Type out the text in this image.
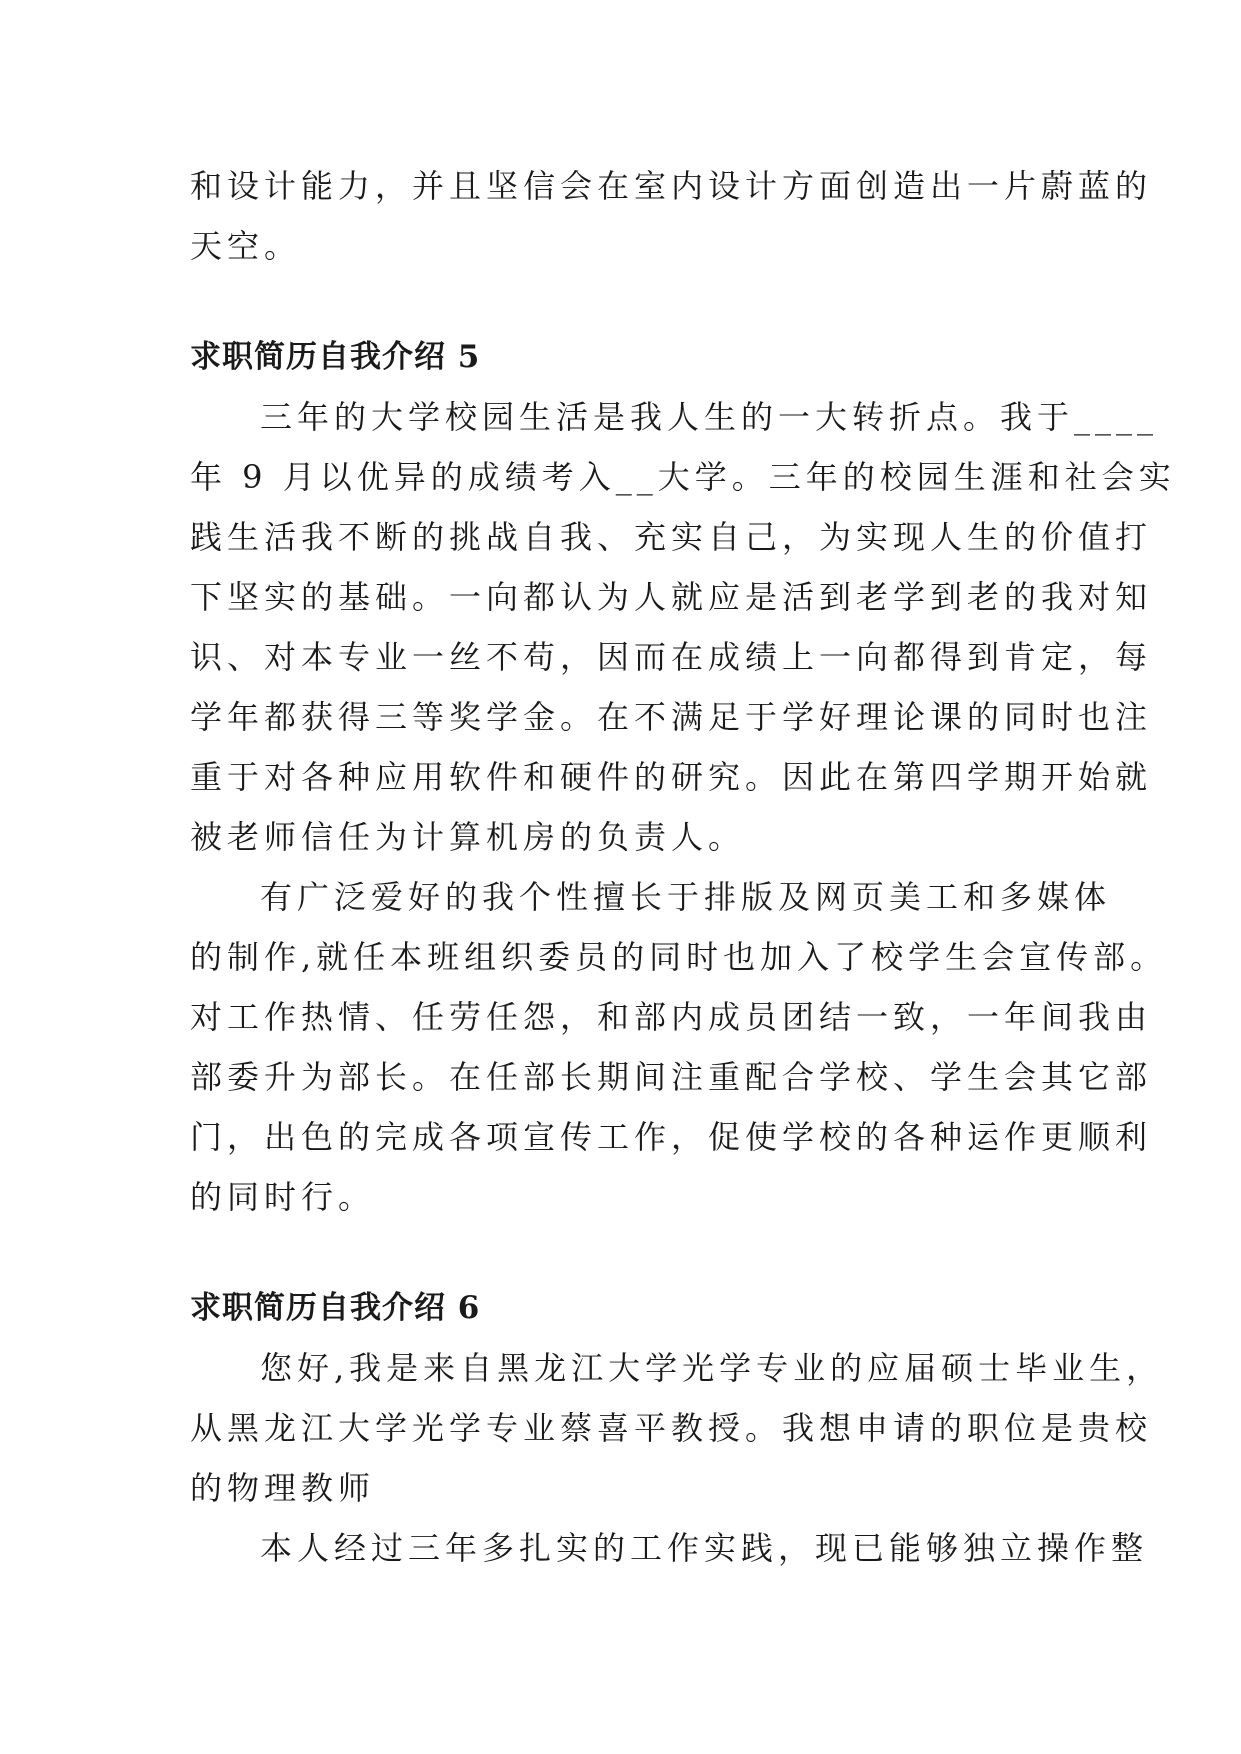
和设计能力，并且坚信会在室内设计方面创造出一片蔚蓝的

天空。

求职简历自我介绍 5

三年的大学校园生活是我人生的一大转折点。我于____

年 9 月以优异的成绩考入__大学。三年的校园生涯和社会实

践生活我不断的挑战自我、充实自己，为实现人生的价值打

下坚实的基础。一向都认为人就应是活到老学到老的我对知

识、对本专业一丝不苟，因而在成绩上一向都得到肯定，每

学年都获得三等奖学金。在不满足于学好理论课的同时也注

重于对各种应用软件和硬件的研究。因此在第四学期开始就

被老师信任为计算机房的负责人。

有广泛爱好的我个性擅长于排版及网页美工和多媒体

的制作,就任本班组织委员的同时也加入了校学生会宣传部。

对工作热情、任劳任怨，和部内成员团结一致，一年间我由

部委升为部长。在任部长期间注重配合学校、学生会其它部

门，出色的完成各项宣传工作，促使学校的各种运作更顺利

的同时行。

求职简历自我介绍 6

您好,我是来自黑龙江大学光学专业的应届硕士毕业生，

从黑龙江大学光学专业蔡喜平教授。我想申请的职位是贵校

的物理教师

本人经过三年多扎实的工作实践，现已能够独立操作整
